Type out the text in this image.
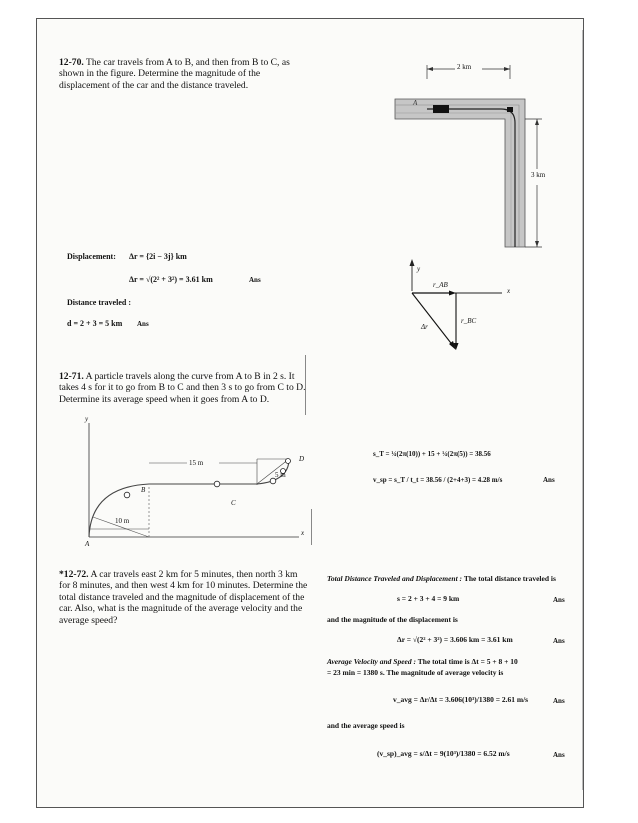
12-70. The car travels from A to B, and then from B to C, as shown in the figure. Determine the magnitude of the displacement of the car and the distance traveled.
2 km
3 km
A
Displacement: Δr = {2i − 3j} km
Δr = √(2² + 3²) = 3.61 km	Ans
Distance traveled :
d = 2 + 3 = 5 km Ans
y
x
r_AB
r_BC
Δr
12-71. A particle travels along the curve from A to B in 2 s. It takes 4 s for it to go from B to C and then 3 s to go from C to D. Determine its average speed when it goes from A to D.
y
x
A
B
C
D
15 m
5 m
10 m
s_T = ¼(2π(10)) + 15 + ¼(2π(5)) = 38.56
v_sp = s_T / t_t = 38.56 / (2+4+3) = 4.28 m/s	Ans
*12-72. A car travels east 2 km for 5 minutes, then north 3 km for 8 minutes, and then west 4 km for 10 minutes. Determine the total distance traveled and the magnitude of displacement of the car. Also, what is the magnitude of the average velocity and the average speed?
Total Distance Traveled and Displacement : The total distance traveled is
s = 2 + 3 + 4 = 9 km	Ans
and the magnitude of the displacement is
Δr = √(2² + 3²) = 3.606 km = 3.61 km	Ans
Average Velocity and Speed : The total time is Δt = 5 + 8 + 10
= 23 min = 1380 s. The magnitude of average velocity is
v_avg = Δr/Δt = 3.606(10³)/1380 = 2.61 m/s	Ans
and the average speed is
(v_sp)_avg = s/Δt = 9(10³)/1380 = 6.52 m/s	Ans
